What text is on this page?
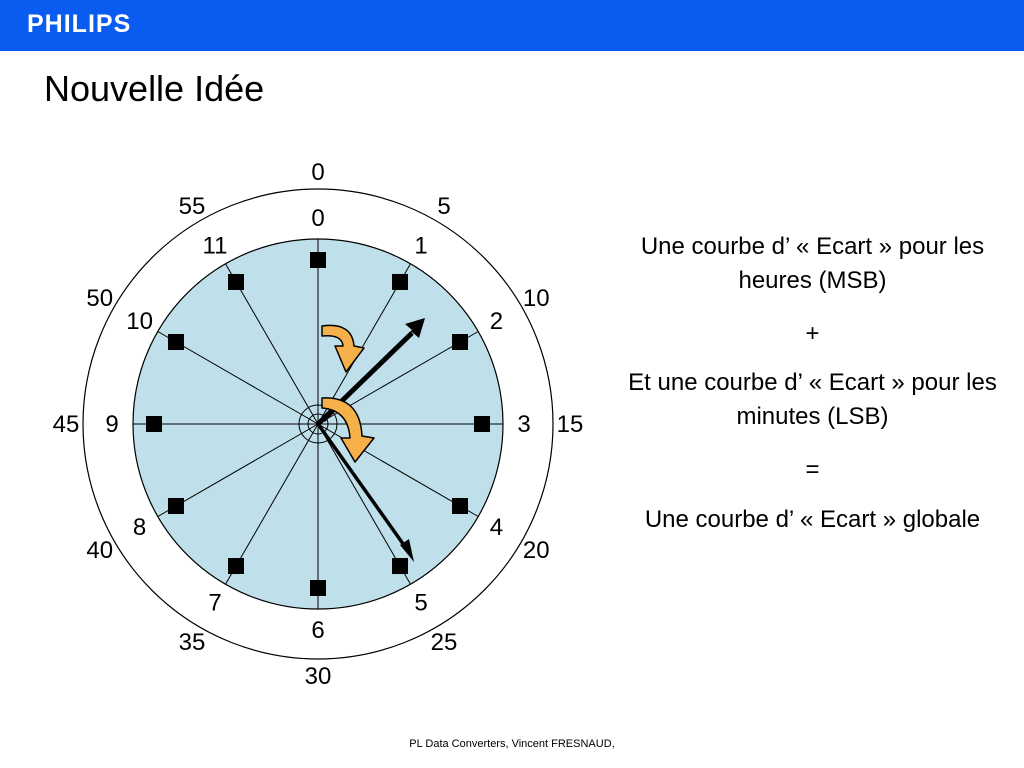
PHILIPS
Nouvelle Idée
0
1
2
3
4
5
6
7
8
9
10
11
0
5
10
15
20
25
30
35
40
45
50
55
Une courbe d’ « Ecart » pour les heures (MSB)
+
Et une courbe d’ « Ecart » pour les minutes (LSB)
=
Une courbe d’ « Ecart » globale
PL Data Converters, Vincent FRESNAUD,
